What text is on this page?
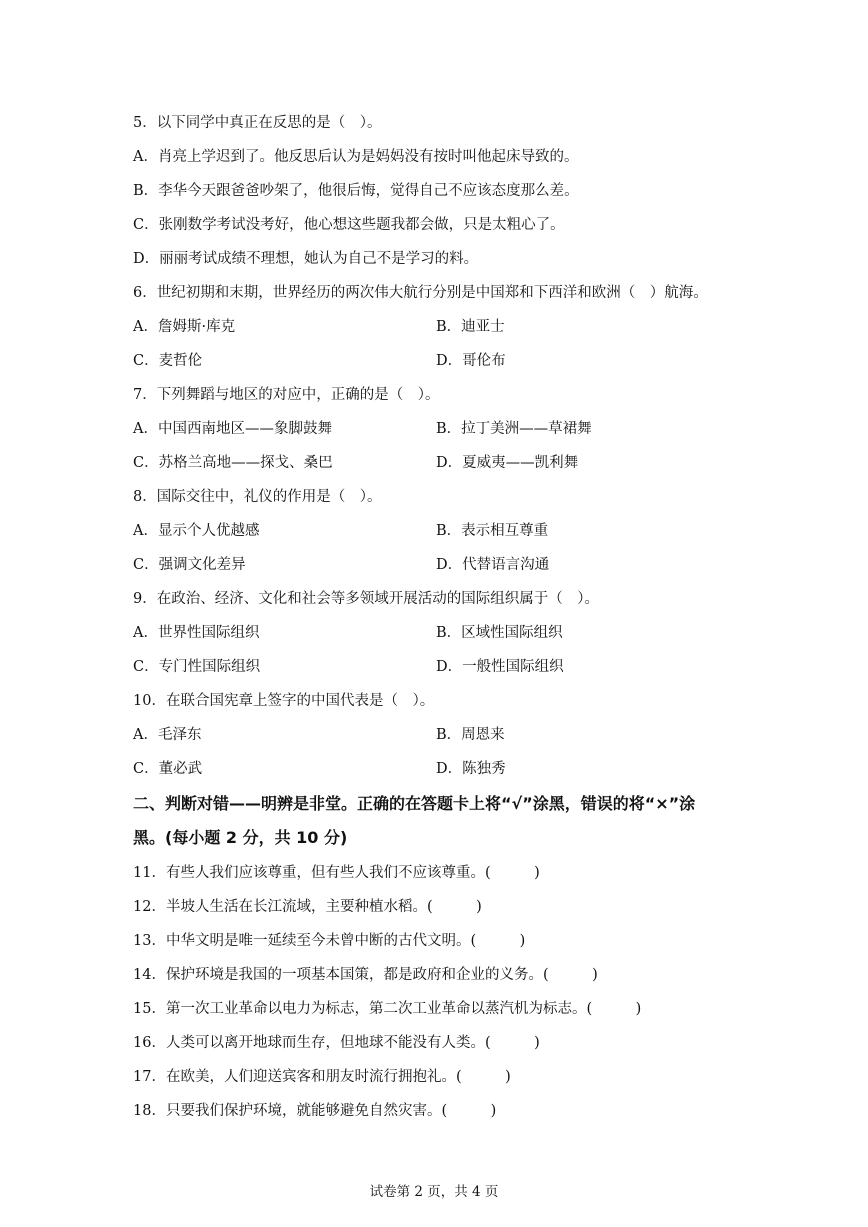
5．以下同学中真正在反思的是（　）。
A．肖亮上学迟到了。他反思后认为是妈妈没有按时叫他起床导致的。
B．李华今天跟爸爸吵架了，他很后悔，觉得自己不应该态度那么差。
C．张刚数学考试没考好，他心想这些题我都会做，只是太粗心了。
D．丽丽考试成绩不理想，她认为自己不是学习的料。
6．世纪初期和末期，世界经历的两次伟大航行分别是中国郑和下西洋和欧洲（　）航海。
A．詹姆斯·库克	B．迪亚士
C．麦哲伦	D．哥伦布
7．下列舞蹈与地区的对应中，正确的是（　）。
A．中国西南地区——象脚鼓舞	B．拉丁美洲——草裙舞
C．苏格兰高地——探戈、桑巴	D．夏威夷——凯利舞
8．国际交往中，礼仪的作用是（　）。
A．显示个人优越感	B．表示相互尊重
C．强调文化差异	D．代替语言沟通
9．在政治、经济、文化和社会等多领域开展活动的国际组织属于（　）。
A．世界性国际组织	B．区域性国际组织
C．专门性国际组织	D．一般性国际组织
10．在联合国宪章上签字的中国代表是（　）。
A．毛泽东	B．周恩来
C．董必武	D．陈独秀
二、判断对错——明辨是非堂。正确的在答题卡上将“√”涂黑，错误的将“×”涂
黑。(每小题 2 分，共 10 分)
11．有些人我们应该尊重，但有些人我们不应该尊重。(　　　)
12．半坡人生活在长江流域，主要种植水稻。(　　　)
13．中华文明是唯一延续至今未曾中断的古代文明。(　　　)
14．保护环境是我国的一项基本国策，都是政府和企业的义务。(　　　)
15．第一次工业革命以电力为标志，第二次工业革命以蒸汽机为标志。(　　　)
16．人类可以离开地球而生存，但地球不能没有人类。(　　　)
17．在欧美，人们迎送宾客和朋友时流行拥抱礼。(　　　)
18．只要我们保护环境，就能够避免自然灾害。(　　　)
试卷第 2 页，共 4 页
